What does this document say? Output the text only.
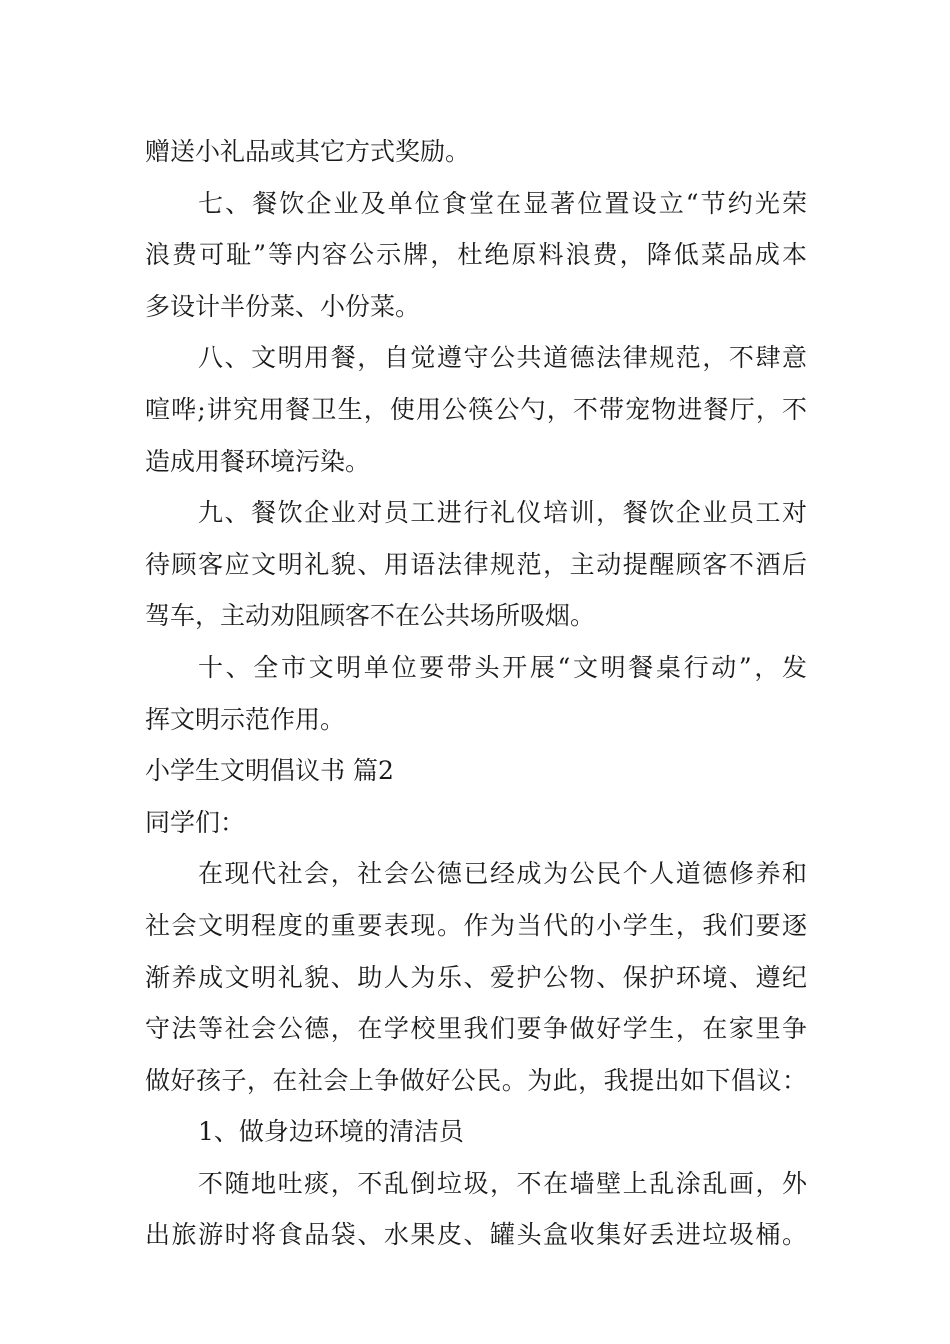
赠送小礼品或其它方式奖励。
七、餐饮企业及单位食堂在显著位置设立“节约光荣
浪费可耻”等内容公示牌，杜绝原料浪费，降低菜品成本
多设计半份菜、小份菜。
八、文明用餐，自觉遵守公共道德法律规范，不肆意
喧哗;讲究用餐卫生，使用公筷公勺，不带宠物进餐厅，不
造成用餐环境污染。
九、餐饮企业对员工进行礼仪培训，餐饮企业员工对
待顾客应文明礼貌、用语法律规范，主动提醒顾客不酒后
驾车，主动劝阻顾客不在公共场所吸烟。
十、全市文明单位要带头开展“文明餐桌行动”，发
挥文明示范作用。
小学生文明倡议书 篇2
同学们：
在现代社会，社会公德已经成为公民个人道德修养和
社会文明程度的重要表现。作为当代的小学生，我们要逐
渐养成文明礼貌、助人为乐、爱护公物、保护环境、遵纪
守法等社会公德，在学校里我们要争做好学生，在家里争
做好孩子，在社会上争做好公民。为此，我提出如下倡议：
1、做身边环境的清洁员
不随地吐痰，不乱倒垃圾，不在墙壁上乱涂乱画，外
出旅游时将食品袋、水果皮、罐头盒收集好丢进垃圾桶。
